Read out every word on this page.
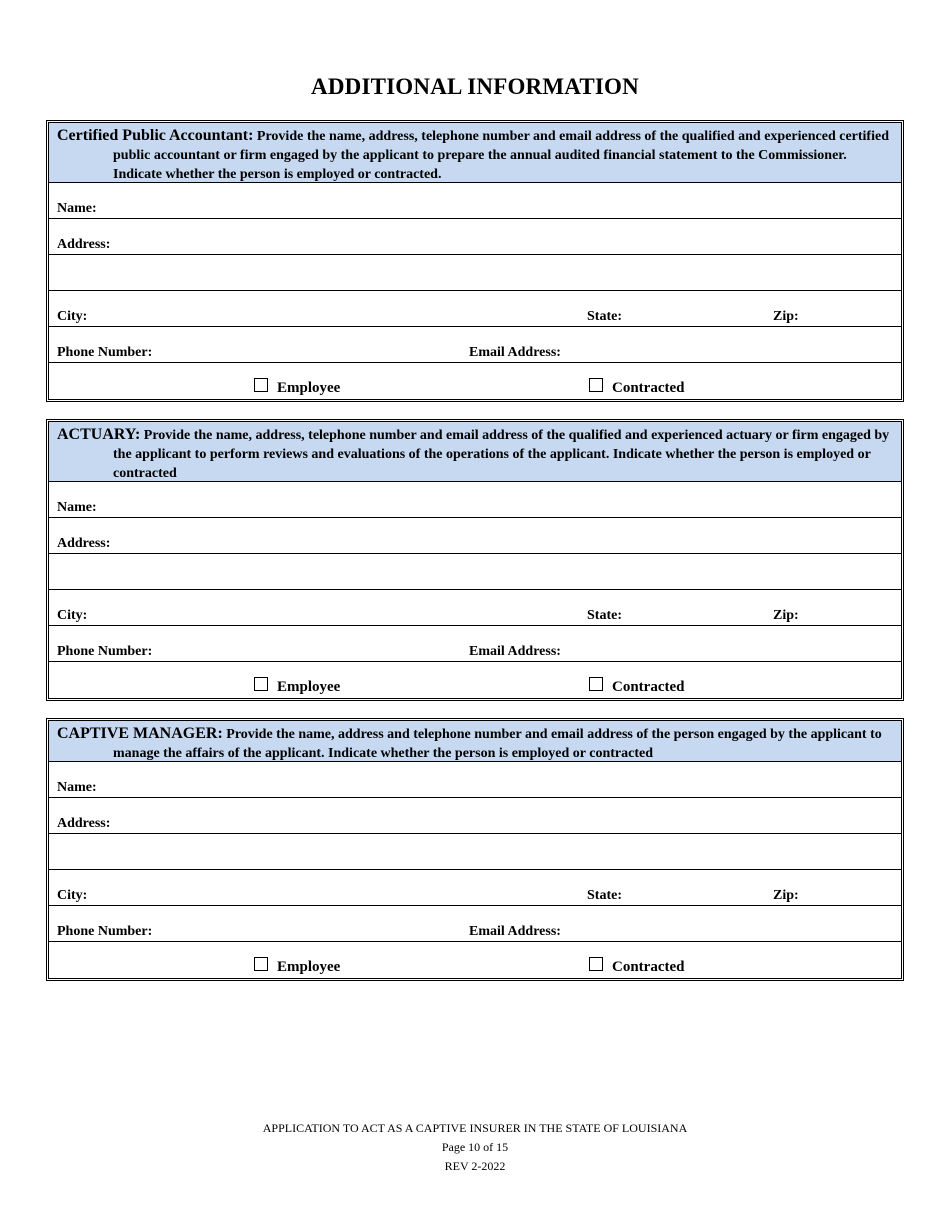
ADDITIONAL INFORMATION
Certified Public Accountant: Provide the name, address, telephone number and email address of the qualified and experienced certified public accountant or firm engaged by the applicant to prepare the annual audited financial statement to the Commissioner. Indicate whether the person is employed or contracted.
Name:
Address:
City:	State:	Zip:
Phone Number:	Email Address:
Employee	Contracted
ACTUARY: Provide the name, address, telephone number and email address of the qualified and experienced actuary or firm engaged by the applicant to perform reviews and evaluations of the operations of the applicant. Indicate whether the person is employed or contracted
Name:
Address:
City:	State:	Zip:
Phone Number:	Email Address:
Employee	Contracted
CAPTIVE MANAGER: Provide the name, address and telephone number and email address of the person engaged by the applicant to manage the affairs of the applicant. Indicate whether the person is employed or contracted
Name:
Address:
City:	State:	Zip:
Phone Number:	Email Address:
Employee	Contracted
APPLICATION TO ACT AS A CAPTIVE INSURER IN THE STATE OF LOUISIANA
Page 10 of 15
REV 2-2022
